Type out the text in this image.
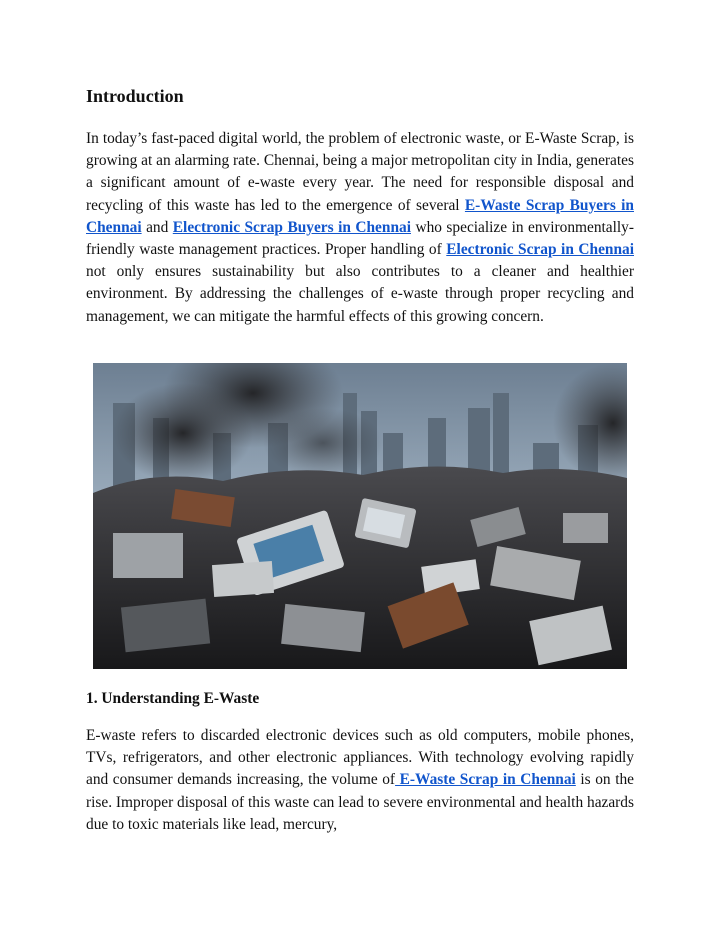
Introduction

In today’s fast-paced digital world, the problem of electronic waste, or E-Waste Scrap, is growing at an alarming rate. Chennai, being a major metropolitan city in India, generates a significant amount of e-waste every year. The need for responsible disposal and recycling of this waste has led to the emergence of several E-Waste Scrap Buyers in Chennai and Electronic Scrap Buyers in Chennai who specialize in environmentally-friendly waste management practices. Proper handling of Electronic Scrap in Chennai not only ensures sustainability but also contributes to a cleaner and healthier environment. By addressing the challenges of e-waste through proper recycling and management, we can mitigate the harmful effects of this growing concern.

1. Understanding E-Waste

E-waste refers to discarded electronic devices such as old computers, mobile phones, TVs, refrigerators, and other electronic appliances. With technology evolving rapidly and consumer demands increasing, the volume of E-Waste Scrap in Chennai is on the rise. Improper disposal of this waste can lead to severe environmental and health hazards due to toxic materials like lead, mercury,
